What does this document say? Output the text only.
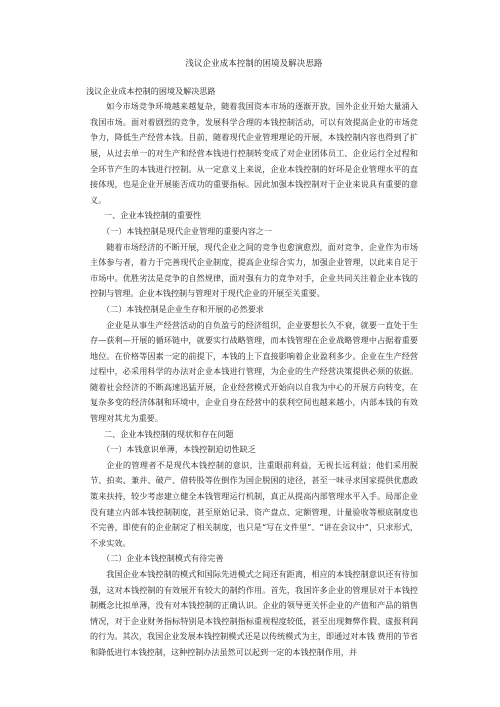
浅议企业成本控制的困境及解决思路

浅议企业成本控制的困境及解决思路

如今市场竞争环境越来越复杂，随着我国资本市场的逐渐开放，国外企业开始大量涌入我国市场。面对着剧烈的竞争，发展科学合理的本钱控制活动，可以有效提高企业的市场竞争力，降低生产经营本钱。目前，随着现代企业管理理论的开展，本钱控制内容也得到了扩展，从过去单一的对生产和经营本钱进行控制转变成了对企业团体员工、企业运行全过程和全环节产生的本钱进行控制。从一定意义上来说，企业本钱控制的好坏是企业管理水平的直接体现，也是企业开展能否成功的重要指标。因此加强本钱控制对于企业来说具有重要的意义。

一、企业本钱控制的重要性

（一）本钱控制是现代企业管理的重要内容之一

随着市场经济的不断开展，现代企业之间的竞争也愈演愈烈，面对竞争，企业作为市场主体参与者，着力于完善现代企业制度，提高企业综合实力，加强企业管理，以此来自足于市场中。优胜劣汰是竞争的自然规律，面对强有力的竞争对手，企业共同关注着企业本钱的控制与管理。企业本钱控制与管理对于现代企业的开展至关重要。

（二）本钱控制是企业生存和开展的必然要求

企业是从事生产经营活动的自负盈亏的经济组织，企业要想长久不衰，就要一直处于生存—获利—开展的循环链中，就要实行战略管理，而本钱管理在企业战略管理中占据着重要地位。在价格等因素一定的前提下，本钱的上下直接影响着企业盈利多少。企业在生产经营过程中，必采用科学的办法对企业本钱进行管理，为企业的生产经营决策提供必须的依据。随着社会经济的不断高速迅猛开展，企业经营模式开始向以自我为中心的开展方向转变，在复杂多变的经济体制和环境中，企业自身在经营中的获利空间也越来越小，内部本钱的有效管理对其尤为重要。

二、企业本钱控制的现状和存在问题

（一）本钱意识单薄，本钱控制迫切性缺乏

企业的管理者不是现代本钱控制的意识，注重眼前利益，无视长远利益；他们采用脱节、拍卖、兼并、破产、借转股等佐倒作为国企脱困的途径，甚至一味寻求国家提供优惠政策来扶持，较少考虑建立健全本钱管理运行机制，真正从提高内部管理水平入手。局部企业没有建立内部本钱控制制度，甚至原始记录、资产盘点、定额管理、计量验收等根底制度也不完善，即使有的企业制定了相关制度，也只是“写在文件里”、“讲在会议中”，只求形式，不求实效。

（二）企业本钱控制模式有待完善

我国企业本钱控制的模式和国际先进模式之间还有距离，相应的本钱控制意识还有待加强，这对本钱控制的有效展开有较大的制约作用。首先，我国许多企业的管理层对于本钱控制概念比拟单薄，没有对本钱控制的正确认识。企业的领导更关怀企业的产值和产品的销售情况，对于企业财务指标特别是本钱控制指标重视程度较低，甚至出现舞弊作假、虚报利润的行为。其次，我国企业发展本钱控制模式还是以传统模式为主，即通过对本钱 费用的节省和降低进行本钱控制，这种控制办法虽然可以起到一定的本钱控制作用，并
